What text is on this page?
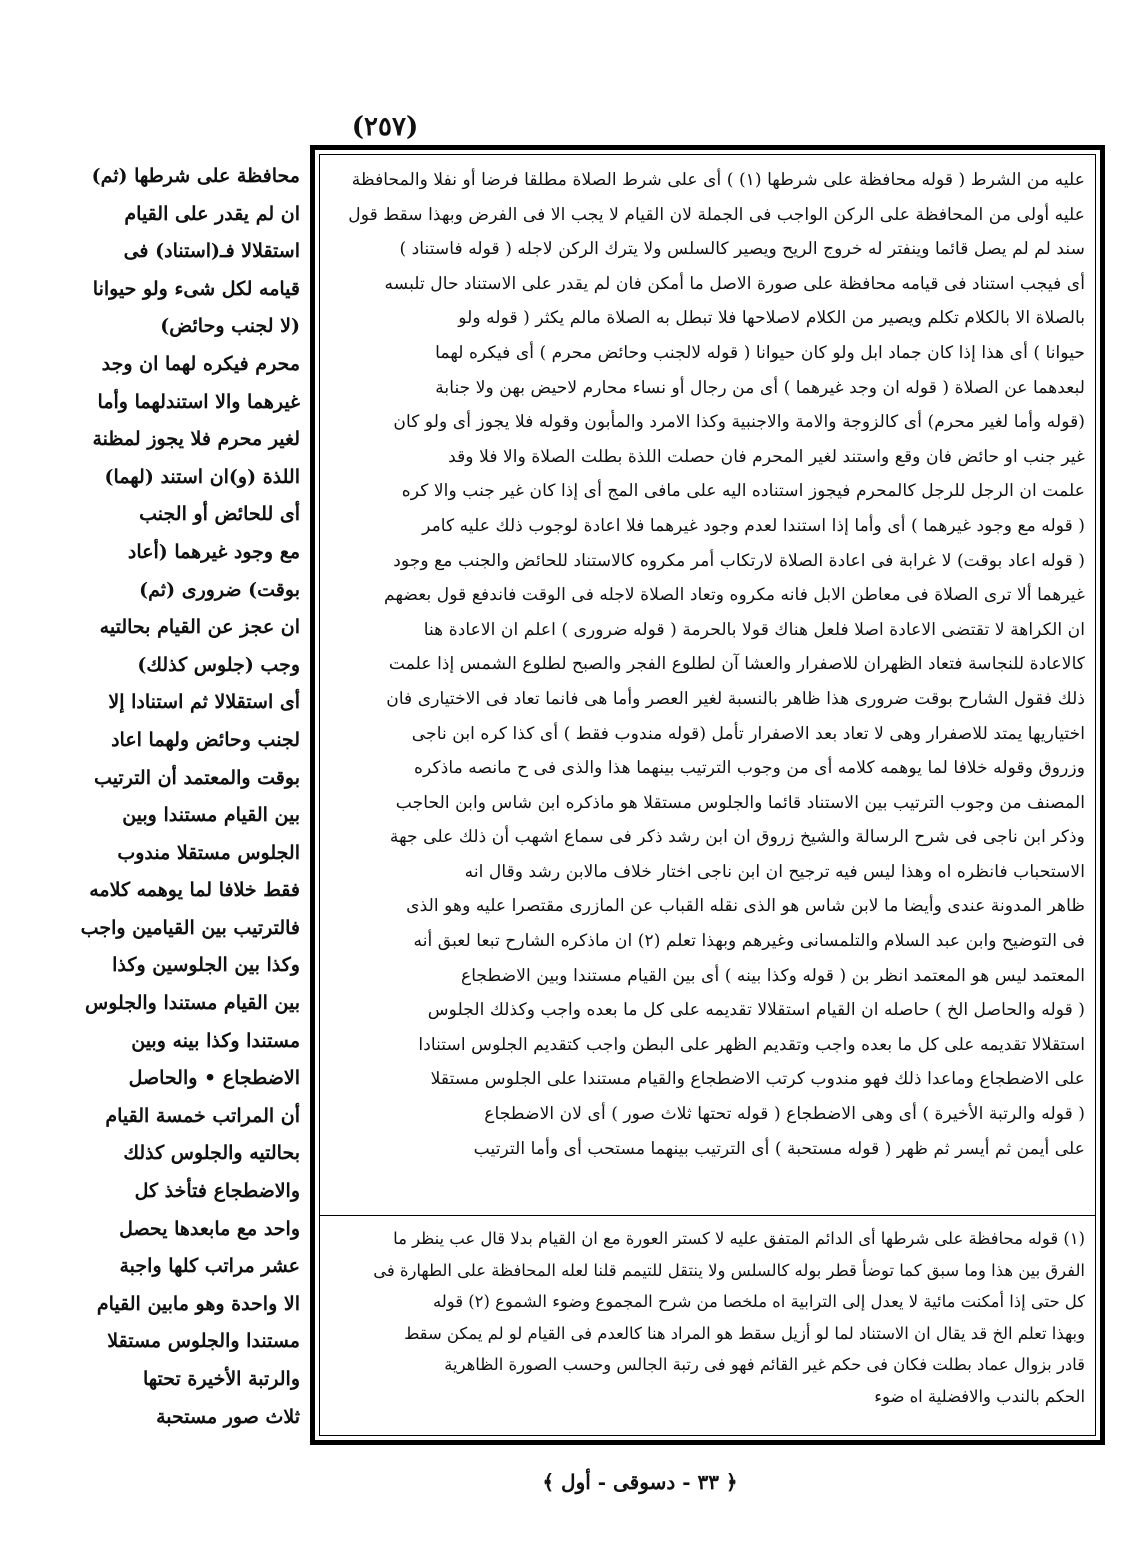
(٢٥٧)
محافظة على شرطها (ثم)
ان لم يقدر على القيام
استقلالا فـ(استناد) فى
قيامه لكل شىء ولو حيوانا
(لا لجنب وحائض)
محرم فيكره لهما ان وجد
غيرهما والا استندلهما وأما
لغير محرم فلا يجوز لمظنة
اللذة (و)ان استند (لهما)
أى للحائض أو الجنب
مع وجود غيرهما (أعاد
بوقت) ضرورى (ثم)
ان عجز عن القيام بحالتيه
وجب (جلوس كذلك)
أى استقلالا ثم استنادا إلا
لجنب وحائض ولهما اعاد
بوقت والمعتمد أن الترتيب
بين القيام مستندا وبين
الجلوس مستقلا مندوب
فقط خلافا لما يوهمه كلامه
فالترتيب بين القيامين واجب
وكذا بين الجلوسين وكذا
بين القيام مستندا والجلوس
مستندا وكذا بينه وبين
الاضطجاع • والحاصل
أن المراتب خمسة القيام
بحالتيه والجلوس كذلك
والاضطجاع فتأخذ كل
واحد مع مابعدها يحصل
عشر مراتب كلها واجبة
الا واحدة وهو مابين القيام
مستندا والجلوس مستقلا
والرتبة الأخيرة تحتها
ثلاث صور مستحبة
عليه من الشرط ( قوله محافظة على شرطها (١) ) أى على شرط الصلاة مطلقا فرضا أو نفلا والمحافظة
عليه أولى من المحافظة على الركن الواجب فى الجملة لان القيام لا يجب الا فى الفرض وبهذا سقط قول
سند لم لم يصل قائما وينفتر له خروج الريح ويصير كالسلس ولا يترك الركن لاجله ( قوله فاستناد )
أى فيجب استناد فى قيامه محافظة على صورة الاصل ما أمكن فان لم يقدر على الاستناد حال تلبسه
بالصلاة الا بالكلام تكلم ويصير من الكلام لاصلاحها فلا تبطل به الصلاة مالم يكثر ( قوله ولو
حيوانا ) أى هذا إذا كان جماد ابل ولو كان حيوانا ( قوله لالجنب وحائض محرم ) أى فيكره لهما
لبعدهما عن الصلاة ( قوله ان وجد غيرهما ) أى من رجال أو نساء محارم لاحيض بهن ولا جنابة
(قوله وأما لغير محرم) أى كالزوجة والامة والاجنبية وكذا الامرد والمأبون وقوله فلا يجوز أى ولو كان
غير جنب او حائض فان وقع واستند لغير المحرم فان حصلت اللذة بطلت الصلاة والا فلا وقد
علمت ان الرجل للرجل كالمحرم فيجوز استناده اليه على مافى المج أى إذا كان غير جنب والا كره
( قوله مع وجود غيرهما ) أى وأما إذا استندا لعدم وجود غيرهما فلا اعادة لوجوب ذلك عليه كامر
( قوله اعاد بوقت) لا غرابة فى اعادة الصلاة لارتكاب أمر مكروه كالاستناد للحائض والجنب مع وجود
غيرهما ألا ترى الصلاة فى معاطن الابل فانه مكروه وتعاد الصلاة لاجله فى الوقت فاندفع قول بعضهم
ان الكراهة لا تقتضى الاعادة اصلا فلعل هناك قولا بالحرمة ( قوله ضرورى ) اعلم ان الاعادة هنا
كالاعادة للنجاسة فتعاد الظهران للاصفرار والعشا آن لطلوع الفجر والصبح لطلوع الشمس إذا علمت
ذلك فقول الشارح بوقت ضرورى هذا ظاهر بالنسبة لغير العصر وأما هى فانما تعاد فى الاختيارى فان
اختياريها يمتد للاصفرار وهى لا تعاد بعد الاصفرار تأمل (قوله مندوب فقط ) أى كذا كره ابن ناجى
وزروق وقوله خلافا لما يوهمه كلامه أى من وجوب الترتيب بينهما هذا والذى فى ح مانصه ماذكره
المصنف من وجوب الترتيب بين الاستناد قائما والجلوس مستقلا هو ماذكره ابن شاس وابن الحاجب
وذكر ابن ناجى فى شرح الرسالة والشيخ زروق ان ابن رشد ذكر فى سماع اشهب أن ذلك على جهة
الاستحباب فانظره اه وهذا ليس فيه ترجيح ان ابن ناجى اختار خلاف مالابن رشد وقال انه
ظاهر المدونة عندى وأيضا ما لابن شاس هو الذى نقله القباب عن المازرى مقتصرا عليه وهو الذى
فى التوضيح وابن عبد السلام والتلمسانى وغيرهم وبهذا تعلم (٢) ان ماذكره الشارح تبعا لعبق أنه
المعتمد ليس هو المعتمد انظر بن ( قوله وكذا بينه ) أى بين القيام مستندا وبين الاضطجاع
( قوله والحاصل الخ ) حاصله ان القيام استقلالا تقديمه على كل ما بعده واجب وكذلك الجلوس
استقلالا تقديمه على كل ما بعده واجب وتقديم الظهر على البطن واجب كتقديم الجلوس استنادا
على الاضطجاع وماعدا ذلك فهو مندوب كرتب الاضطجاع والقيام مستندا على الجلوس مستقلا
( قوله والرتبة الأخيرة ) أى وهى الاضطجاع ( قوله تحتها ثلاث صور ) أى لان الاضطجاع
على أيمن ثم أيسر ثم ظهر ( قوله مستحبة ) أى الترتيب بينهما مستحب أى وأما الترتيب
(١) قوله محافظة على شرطها أى الدائم المتفق عليه لا كستر العورة مع ان القيام بدلا قال عب ينظر ما
الفرق بين هذا وما سبق كما توضأ قطر بوله كالسلس ولا ينتقل للتيمم قلنا لعله المحافظة على الطهارة فى
كل حتى إذا أمكنت مائية لا يعدل إلى الترابية اه ملخصا من شرح المجموع وضوء الشموع (٢) قوله
وبهذا تعلم الخ قد يقال ان الاستناد لما لو أزيل سقط هو المراد هنا كالعدم فى القيام لو لم يمكن سقط
قادر بزوال عماد بطلت فكان فى حكم غير القائم فهو فى رتبة الجالس وحسب الصورة الظاهرية
الحكم بالندب والافضلية اه ضوء
﴿ ٣٣ - دسوقى - أول ﴾
